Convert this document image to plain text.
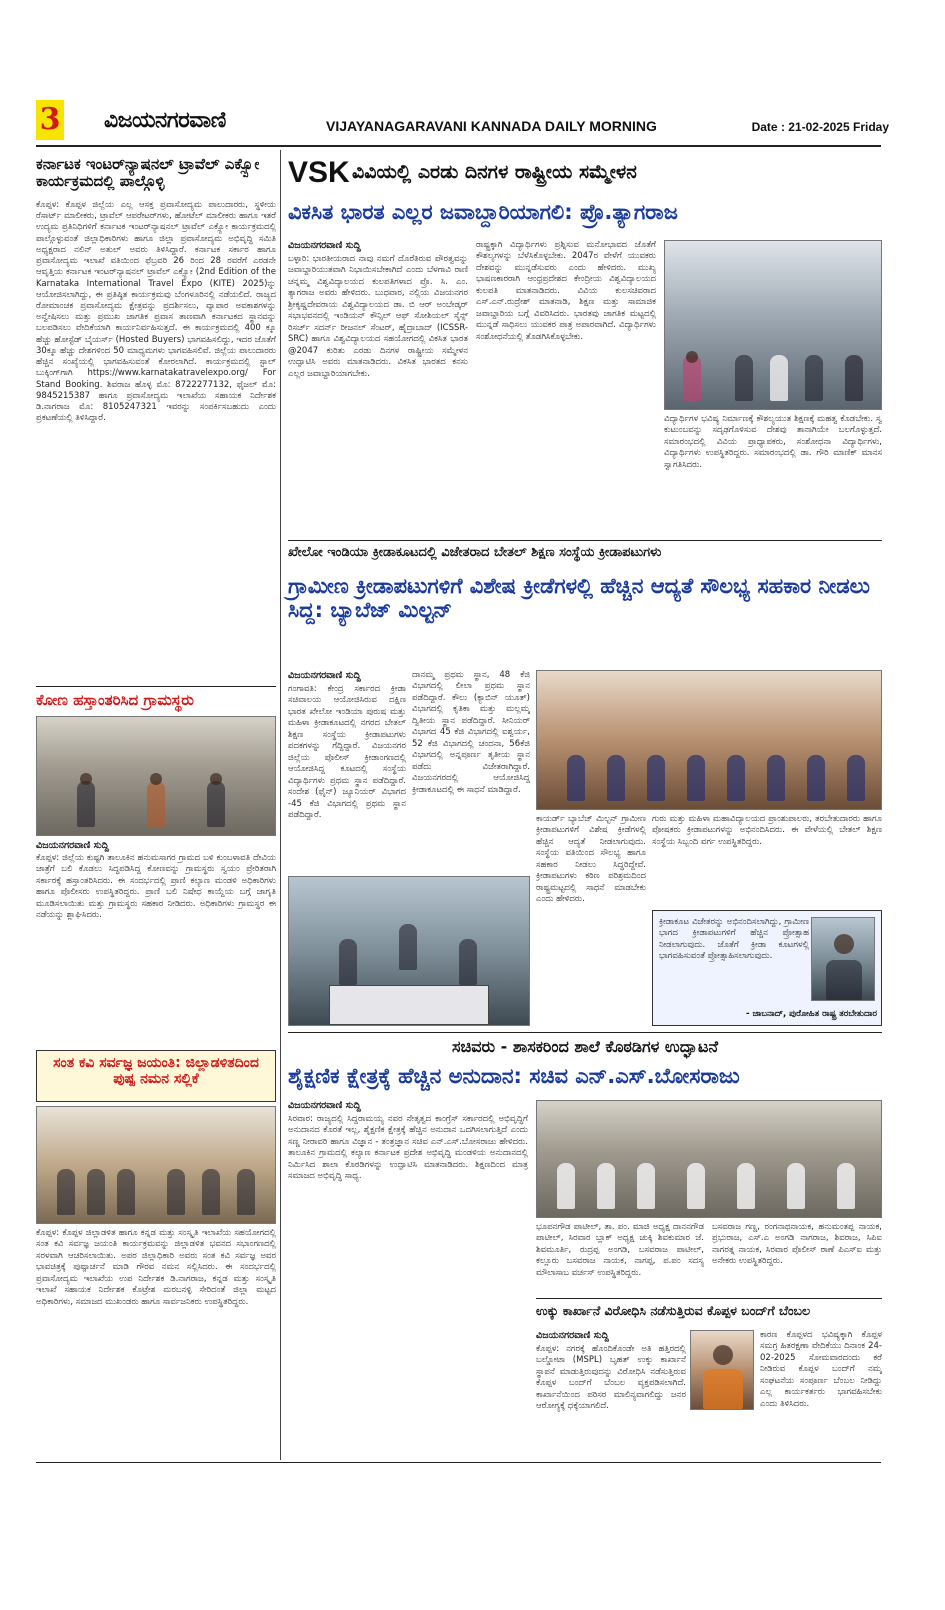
3 ವಿಜಯನಗರವಾಣಿ	VIJAYANAGARAVANI KANNADA DAILY MORNING	Date : 21-02-2025 Friday
ಕರ್ನಾಟಕ ಇಂಟರ್‌ನ್ಯಾಷನಲ್ ಟ್ರಾವೆಲ್ ಎಕ್ಸ್ಪೋ ಕಾರ್ಯಕ್ರಮದಲ್ಲಿ ಪಾಲ್ಗೊಳ್ಳಿ
ಕೊಪ್ಪಳ: ಕೊಪ್ಪಳ ಜಿಲ್ಲೆಯ ಎಲ್ಲ ಆಸಕ್ತ ಪ್ರವಾಸೋದ್ಯಮ ಪಾಲುದಾರರು, ಸ್ಥಳೀಯ ರೆಸಾರ್ಟ್ ಮಾಲೀಕರು, ಟ್ರಾವೆಲ್ ಆಪರೇಟರ್‌ಗಳು, ಹೋಟೆಲ್ ಮಾಲೀಕರು ಹಾಗೂ ಇತರೆ ಉದ್ಯಮ ಪ್ರತಿನಿಧಿಗಳಿಗೆ ಕರ್ನಾಟಕ ಇಂಟರ್‌ನ್ಯಾಷನಲ್ ಟ್ರಾವೆಲ್ ಎಕ್ಸ್ಪೋ ಕಾರ್ಯಕ್ರಮದಲ್ಲಿ ಪಾಲ್ಗೊಳ್ಳುವಂತೆ ಜಿಲ್ಲಾಧಿಕಾರಿಗಳು ಹಾಗೂ ಜಿಲ್ಲಾ ಪ್ರವಾಸೋದ್ಯಮ ಅಭಿವೃದ್ಧಿ ಸಮಿತಿ ಅಧ್ಯಕ್ಷರಾದ ನಲಿನ್ ಅತುಲ್ ಅವರು ತಿಳಿಸಿದ್ದಾರೆ. ಕರ್ನಾಟಕ ಸರ್ಕಾರ ಹಾಗೂ ಪ್ರವಾಸೋದ್ಯಮ ಇಲಾಖೆ ವತಿಯಿಂದ ಫೆಬ್ರವರಿ 26 ರಿಂದ 28 ರವರೆಗೆ ಎರಡನೇ ಆವೃತ್ತಿಯ ಕರ್ನಾಟಕ ಇಂಟರ್‌ನ್ಯಾಷನಲ್ ಟ್ರಾವೆಲ್ ಎಕ್ಸ್ಪೋ (2nd Edition of the Karnataka International Travel Expo (KITE) 2025)ನ್ನು ಆಯೋಜಿಸಲಾಗಿದ್ದು, ಈ ಪ್ರತಿಷ್ಠಿತ ಕಾರ್ಯಕ್ರಮವು ಬೆಂಗಳೂರಿನಲ್ಲಿ ನಡೆಯಲಿದೆ. ರಾಜ್ಯದ ರೋಮಾಂಚಕ ಪ್ರವಾಸೋದ್ಯಮ ಕ್ಷೇತ್ರವನ್ನು ಪ್ರದರ್ಶಿಸಲು, ವ್ಯಾಪಾರ ಅವಕಾಶಗಳನ್ನು ಅನ್ವೇಷಿಸಲು ಮತ್ತು ಪ್ರಮುಖ ಜಾಗತಿಕ ಪ್ರವಾಸ ತಾಣವಾಗಿ ಕರ್ನಾಟಕದ ಸ್ಥಾನವನ್ನು ಬಲಪಡಿಸಲು ವೇದಿಕೆಯಾಗಿ ಕಾರ್ಯನಿರ್ವಹಿಸುತ್ತದೆ. ಈ ಕಾರ್ಯಕ್ರಮದಲ್ಲಿ 400 ಕ್ಕೂ ಹೆಚ್ಚು ಹೋಸ್ಟೆಡ್ ಬೈಯರ್ಸ್ (Hosted Buyers) ಭಾಗವಹಿಸಲಿದ್ದು, ಇದರ ಜೊತೆಗೆ 30ಕ್ಕೂ ಹೆಚ್ಚು ದೇಶಗಳಿಂದ 50 ಮಾಧ್ಯಮಗಳು ಭಾಗವಹಿಸಲಿವೆ. ಜಿಲ್ಲೆಯ ಪಾಲುದಾರರು ಹೆಚ್ಚಿನ ಸಂಖ್ಯೆಯಲ್ಲಿ ಭಾಗವಹಿಸುವಂತೆ ಕೋರಲಾಗಿದೆ. ಕಾರ್ಯಕ್ರಮದಲ್ಲಿ ಸ್ಟಾಲ್ ಬುಕ್ಕಿಂಗ್‌ಗಾಗಿ https://www.karnatakatravelexpo.org/ For Stand Booking. ಶಿವರಾಜ ಹೊಳ್ಳ ಮೊ: 8722277132, ಫೈಜಲ್ ಮೊ: 9845215387 ಹಾಗೂ ಪ್ರವಾಸೋದ್ಯಮ ಇಲಾಖೆಯ ಸಹಾಯಕ ನಿರ್ದೇಶಕ ಡಿ.ನಾಗರಾಜ ಮೊ: 8105247321 ಇವರನ್ನು ಸಂಪರ್ಕಿಸಬಹುದು ಎಂದು ಪ್ರಕಟಣೆಯಲ್ಲಿ ತಿಳಿಸಿದ್ದಾರೆ.
ಕೋಣ ಹಸ್ತಾಂತರಿಸಿದ ಗ್ರಾಮಸ್ಥರು
ವಿಜಯನಗರವಾಣಿ ಸುದ್ದಿ
ಕೊಪ್ಪಳ: ಜಿಲ್ಲೆಯ ಕುಷ್ಟಗಿ ತಾಲೂಕಿನ ಹನುಮಸಾಗರ ಗ್ರಾಮದ ಬಳಿ ಕುಂಬಳಾವತಿ ದೇವಿಯ ಜಾತ್ರೆಗೆ ಬಲಿ ಕೊಡಲು ಸಿದ್ಧಪಡಿಸಿದ್ದ ಕೋಣವನ್ನು ಗ್ರಾಮಸ್ಥರು ಸ್ವಯಂ ಪ್ರೇರಿತರಾಗಿ ಸರ್ಕಾರಕ್ಕೆ ಹಸ್ತಾಂತರಿಸಿದರು. ಈ ಸಂದರ್ಭದಲ್ಲಿ ಪ್ರಾಣಿ ಕಲ್ಯಾಣ ಮಂಡಳಿ ಅಧಿಕಾರಿಗಳು ಹಾಗೂ ಪೊಲೀಸರು ಉಪಸ್ಥಿತರಿದ್ದರು. ಪ್ರಾಣಿ ಬಲಿ ನಿಷೇಧ ಕಾಯ್ದೆಯ ಬಗ್ಗೆ ಜಾಗೃತಿ ಮೂಡಿಸಲಾಯಿತು ಮತ್ತು ಗ್ರಾಮಸ್ಥರು ಸಹಕಾರ ನೀಡಿದರು. ಅಧಿಕಾರಿಗಳು ಗ್ರಾಮಸ್ಥರ ಈ ನಡೆಯನ್ನು ಶ್ಲಾಘಿಸಿದರು.
ಸಂತ ಕವಿ ಸರ್ವಜ್ಞ ಜಯಂತಿ: ಜಿಲ್ಲಾಡಳಿತದಿಂದ ಪುಷ್ಪ ನಮನ ಸಲ್ಲಿಕೆ
ಕೊಪ್ಪಳ: ಕೊಪ್ಪಳ ಜಿಲ್ಲಾಡಳಿತ ಹಾಗೂ ಕನ್ನಡ ಮತ್ತು ಸಂಸ್ಕೃತಿ ಇಲಾಖೆಯ ಸಹಯೋಗದಲ್ಲಿ ಸಂತ ಕವಿ ಸರ್ವಜ್ಞ ಜಯಂತಿ ಕಾರ್ಯಕ್ರಮವನ್ನು ಜಿಲ್ಲಾಡಳಿತ ಭವನದ ಸಭಾಂಗಣದಲ್ಲಿ ಸರಳವಾಗಿ ಆಚರಿಸಲಾಯಿತು. ಅಪರ ಜಿಲ್ಲಾಧಿಕಾರಿ ಅವರು ಸಂತ ಕವಿ ಸರ್ವಜ್ಞ ಅವರ ಭಾವಚಿತ್ರಕ್ಕೆ ಪುಷ್ಪಾರ್ಚನೆ ಮಾಡಿ ಗೌರವ ನಮನ ಸಲ್ಲಿಸಿದರು. ಈ ಸಂದರ್ಭದಲ್ಲಿ ಪ್ರವಾಸೋದ್ಯಮ ಇಲಾಖೆಯ ಉಪ ನಿರ್ದೇಶಕ ಡಿ.ನಾಗರಾಜ, ಕನ್ನಡ ಮತ್ತು ಸಂಸ್ಕೃತಿ ಇಲಾಖೆ ಸಹಾಯಕ ನಿರ್ದೇಶಕ ಕೊಟ್ರೇಶ ಮರಬನಳ್ಳಿ ಸೇರಿದಂತೆ ಜಿಲ್ಲಾ ಮಟ್ಟದ ಅಧಿಕಾರಿಗಳು, ಸಮಾಜದ ಮುಖಂಡರು ಹಾಗೂ ಸಾರ್ವಜನಿಕರು ಉಪಸ್ಥಿತರಿದ್ದರು.
VSK ವಿವಿಯಲ್ಲಿ ಎರಡು ದಿನಗಳ ರಾಷ್ಟ್ರೀಯ ಸಮ್ಮೇಳನ
ವಿಕಸಿತ ಭಾರತ ಎಲ್ಲರ ಜವಾಬ್ದಾರಿಯಾಗಲಿ: ಪ್ರೊ.ತ್ಯಾಗರಾಜ
ವಿಜಯನಗರವಾಣಿ ಸುದ್ದಿ
ಬಳ್ಳಾರಿ: ಭಾರತೀಯರಾದ ನಾವು ನಮಗೆ ದೊರೆತಿರುವ ಪೌರತ್ವವನ್ನು ಜವಾಬ್ದಾರಿಯುತವಾಗಿ ನಿಭಾಯಿಸಬೇಕಾಗಿದೆ ಎಂದು ಬೆಳಗಾವಿ ರಾಣಿ ಚನ್ನಮ್ಮ ವಿಶ್ವವಿದ್ಯಾಲಯದ ಕುಲಪತಿಗಳಾದ ಪ್ರೊ. ಸಿ. ಎಂ. ತ್ಯಾಗರಾಜ ಅವರು ಹೇಳಿದರು. ಬುಧವಾರ, ನಲ್ಲಿಯ ವಿಜಯನಗರ ಶ್ರೀಕೃಷ್ಣದೇವರಾಯ ವಿಶ್ವವಿದ್ಯಾಲಯದ ಡಾ. ಬಿ ಆರ್ ಅಂಬೇಡ್ಕರ್ ಸಭಾಭವನದಲ್ಲಿ ಇಂಡಿಯನ್ ಕೌನ್ಸಿಲ್ ಆಫ್ ಸೋಶಿಯಲ್ ಸೈನ್ಸ್ ರಿಸರ್ಚ್ ಸದರ್ನ್ ರೀಜನಲ್ ಸೆಂಟರ್, ಹೈದ್ರಾಬಾದ್ (ICSSR-SRC) ಹಾಗೂ ವಿಶ್ವವಿದ್ಯಾಲಯದ ಸಹಯೋಗದಲ್ಲಿ ವಿಕಸಿತ ಭಾರತ @2047 ಕುರಿತು ಎರಡು ದಿನಗಳ ರಾಷ್ಟ್ರೀಯ ಸಮ್ಮೇಳನ ಉದ್ಘಾಟಿಸಿ ಅವರು ಮಾತನಾಡಿದರು. ವಿಕಸಿತ ಭಾರತದ ಕನಸು ಎಲ್ಲರ ಜವಾಬ್ದಾರಿಯಾಗಬೇಕು.
ರಾಷ್ಟ್ರಕ್ಕಾಗಿ ವಿದ್ಯಾರ್ಥಿಗಳು ಪ್ರಶ್ನಿಸುವ ಮನೋಭಾವದ ಜೊತೆಗೆ ಕೌಶಲ್ಯಗಳನ್ನು ಬೆಳೆಸಿಕೊಳ್ಳಬೇಕು. 2047ರ ವೇಳೆಗೆ ಯುವಕರು ದೇಶವನ್ನು ಮುನ್ನಡೆಸುವರು ಎಂದು ಹೇಳಿದರು. ಮುಖ್ಯ ಭಾಷಣಕಾರರಾಗಿ ಆಂಧ್ರಪ್ರದೇಶದ ಕೇಂದ್ರೀಯ ವಿಶ್ವವಿದ್ಯಾಲಯದ ಕುಲಪತಿ ಮಾತನಾಡಿದರು. ವಿವಿಯ ಕುಲಸಚಿವರಾದ ಎಸ್.ಎನ್.ರುದ್ರೇಶ್ ಮಾತನಾಡಿ, ಶಿಕ್ಷಣ ಮತ್ತು ಸಾಮಾಜಿಕ ಜವಾಬ್ದಾರಿಯ ಬಗ್ಗೆ ವಿವರಿಸಿದರು. ಭಾರತವು ಜಾಗತಿಕ ಮಟ್ಟದಲ್ಲಿ ಮುನ್ನಡೆ ಸಾಧಿಸಲು ಯುವಕರ ಪಾತ್ರ ಅಪಾರವಾಗಿದೆ. ವಿದ್ಯಾರ್ಥಿಗಳು ಸಂಶೋಧನೆಯಲ್ಲಿ ತೊಡಗಿಸಿಕೊಳ್ಳಬೇಕು.
ವಿದ್ಯಾರ್ಥಿಗಳ ಭವಿಷ್ಯ ನಿರ್ಮಾಣಕ್ಕೆ ಕೌಶಲ್ಯಯುತ ಶಿಕ್ಷಣಕ್ಕೆ ಮಹತ್ವ ಕೊಡಬೇಕು. ಸ್ವ ಕುಟುಂಬವನ್ನು ಸದೃಢಗೊಳಿಸುವ ದೇಶವು ತಾನಾಗಿಯೇ ಬಲಗೊಳ್ಳುತ್ತದೆ. ಸಮಾರಂಭದಲ್ಲಿ ವಿವಿಯ ಪ್ರಾಧ್ಯಾಪಕರು, ಸಂಶೋಧನಾ ವಿದ್ಯಾರ್ಥಿಗಳು, ವಿದ್ಯಾರ್ಥಿಗಳು ಉಪಸ್ಥಿತರಿದ್ದರು. ಸಮಾರಂಭದಲ್ಲಿ ಡಾ. ಗೌರಿ ಮಾಣಿಕ್ ಮಾನಸ ಸ್ವಾಗತಿಸಿದರು.
ಖೇಲೋ ಇಂಡಿಯಾ ಕ್ರೀಡಾಕೂಟದಲ್ಲಿ ವಿಜೇತರಾದ ಬೇತಲ್ ಶಿಕ್ಷಣ ಸಂಸ್ಥೆಯ ಕ್ರೀಡಾಪಟುಗಳು
ಗ್ರಾಮೀಣ ಕ್ರೀಡಾಪಟುಗಳಿಗೆ ವಿಶೇಷ ಕ್ರೀಡೆಗಳಲ್ಲಿ ಹೆಚ್ಚಿನ ಆದ್ಯತೆ ಸೌಲಭ್ಯ ಸಹಕಾರ ನೀಡಲು ಸಿದ್ದ: ಬ್ಯಾಬೆಜ್ ಮಿಲ್ಟನ್
ವಿಜಯನಗರವಾಣಿ ಸುದ್ದಿ
ಗಂಗಾವತಿ: ಕೇಂದ್ರ ಸರ್ಕಾರದ ಕ್ರೀಡಾ ಸಚಿವಾಲಯ ಆಯೋಜಿಸಿರುವ ದಕ್ಷಿಣ ಭಾರತ ಖೇಲೋ ಇಂಡಿಯಾ ಪುರುಷ ಮತ್ತು ಮಹಿಳಾ ಕ್ರೀಡಾಕೂಟದಲ್ಲಿ ನಗರದ ಬೇತಲ್ ಶಿಕ್ಷಣ ಸಂಸ್ಥೆಯ ಕ್ರೀಡಾಪಟುಗಳು ಪದಕಗಳನ್ನು ಗೆದ್ದಿದ್ದಾರೆ. ವಿಜಯನಗರ ಜಿಲ್ಲೆಯ ಪೊಲೀಸ್ ಕ್ರೀಡಾಂಗಣದಲ್ಲಿ ಆಯೋಜಿಸಿದ್ದ ಕೂಟದಲ್ಲಿ ಸಂಸ್ಥೆಯ ವಿದ್ಯಾರ್ಥಿಗಳು ಪ್ರಥಮ ಸ್ಥಾನ ಪಡೆದಿದ್ದಾರೆ. ಸಂದೇಶ (ಫೈನ್) ಜ್ಯೂನಿಯರ್ ವಿಭಾಗದ -45 ಕೆಜಿ ವಿಭಾಗದಲ್ಲಿ ಪ್ರಥಮ ಸ್ಥಾನ ಪಡೆದಿದ್ದಾರೆ.
ದಾನಮ್ಮ ಪ್ರಥಮ ಸ್ಥಾನ, 48 ಕೆಜಿ ವಿಭಾಗದಲ್ಲಿ ಲೀಲಾ ಪ್ರಥಮ ಸ್ಥಾನ ಪಡೆದಿದ್ದಾರೆ. ಕೌಲು (ಕ್ಯಾಬಿನ್ ಯೂತ್) ವಿಭಾಗದಲ್ಲಿ ಕೃತಿಕಾ ಮತ್ತು ಮಲ್ಲಮ್ಮ ದ್ವಿತೀಯ ಸ್ಥಾನ ಪಡೆದಿದ್ದಾರೆ. ಸೀನಿಯರ್ ವಿಭಾಗದ 45 ಕೆಜಿ ವಿಭಾಗದಲ್ಲಿ ಐಶ್ವರ್ಯ, 52 ಕೆಜಿ ವಿಭಾಗದಲ್ಲಿ ಚಂದನಾ, 56ಕೆಜಿ ವಿಭಾಗದಲ್ಲಿ ಅನ್ನಪೂರ್ಣ ತೃತೀಯ ಸ್ಥಾನ ಪಡೆದು ವಿಜೇತರಾಗಿದ್ದಾರೆ. ವಿಜಯನಗರದಲ್ಲಿ ಆಯೋಜಿಸಿದ್ದ ಕ್ರೀಡಾಕೂಟದಲ್ಲಿ ಈ ಸಾಧನೆ ಮಾಡಿದ್ದಾರೆ.
ಕಾಯರ್ಡ್ ಬ್ಯಾಬೆಜ್ ಮಿಲ್ಟನ್ ಗ್ರಾಮೀಣ ಕ್ರೀಡಾಪಟುಗಳಿಗೆ ವಿಶೇಷ ಕ್ರೀಡೆಗಳಲ್ಲಿ ಹೆಚ್ಚಿನ ಆದ್ಯತೆ ನೀಡಲಾಗುವುದು. ಸಂಸ್ಥೆಯ ವತಿಯಿಂದ ಸೌಲಭ್ಯ ಹಾಗೂ ಸಹಕಾರ ನೀಡಲು ಸಿದ್ಧರಿದ್ದೇವೆ. ಕ್ರೀಡಾಪಟುಗಳು ಕಠಿಣ ಪರಿಶ್ರಮದಿಂದ ರಾಷ್ಟ್ರಮಟ್ಟದಲ್ಲಿ ಸಾಧನೆ ಮಾಡಬೇಕು ಎಂದು ಹೇಳಿದರು.
ಗುರು ಮತ್ತು ಮಹಿಳಾ ಮಹಾವಿದ್ಯಾಲಯದ ಪ್ರಾಂಶುಪಾಲರು, ತರಬೇತುದಾರರು ಹಾಗೂ ಪೋಷಕರು ಕ್ರೀಡಾಪಟುಗಳನ್ನು ಅಭಿನಂದಿಸಿದರು. ಈ ವೇಳೆಯಲ್ಲಿ ಬೇತಲ್ ಶಿಕ್ಷಣ ಸಂಸ್ಥೆಯ ಸಿಬ್ಬಂದಿ ವರ್ಗ ಉಪಸ್ಥಿತರಿದ್ದರು.
ಕ್ರೀಡಾಕೂಟ ವಿಜೇತರನ್ನು ಅಭಿನಂದಿಸಲಾಗಿದ್ದು, ಗ್ರಾಮೀಣ ಭಾಗದ ಕ್ರೀಡಾಪಟುಗಳಿಗೆ ಹೆಚ್ಚಿನ ಪ್ರೋತ್ಸಾಹ ನೀಡಲಾಗುವುದು. ಜೊತೆಗೆ ಕ್ರೀಡಾ ಕೂಟಗಳಲ್ಲಿ ಭಾಗವಹಿಸುವಂತೆ ಪ್ರೋತ್ಸಾಹಿಸಲಾಗುವುದು.
- ಜಾಬನಾದ್, ಪುರೋಹಿತ ರಾಷ್ಟ್ರ ತರಬೇತುದಾರ
ಸಚಿವರು - ಶಾಸಕರಿಂದ ಶಾಲೆ ಕೊಠಡಿಗಳ ಉದ್ಘಾಟನೆ
ಶೈಕ್ಷಣಿಕ ಕ್ಷೇತ್ರಕ್ಕೆ ಹೆಚ್ಚಿನ ಅನುದಾನ: ಸಚಿವ ಎನ್.ಎಸ್.ಬೋಸರಾಜು
ವಿಜಯನಗರವಾಣಿ ಸುದ್ದಿ
ಸಿರವಾರ: ರಾಜ್ಯದಲ್ಲಿ ಸಿದ್ದರಾಮಯ್ಯ ನವರ ನೇತೃತ್ವದ ಕಾಂಗ್ರೆಸ್ ಸರ್ಕಾರದಲ್ಲಿ ಅಭಿವೃದ್ಧಿಗೆ ಅನುದಾನದ ಕೊರತೆ ಇಲ್ಲ, ಶೈಕ್ಷಣಿಕ ಕ್ಷೇತ್ರಕ್ಕೆ ಹೆಚ್ಚಿನ ಅನುದಾನ ಒದಗಿಸಲಾಗುತ್ತಿದೆ ಎಂದು ಸಣ್ಣ ನೀರಾವರಿ ಹಾಗೂ ವಿಜ್ಞಾನ - ತಂತ್ರಜ್ಞಾನ ಸಚಿವ ಎನ್.ಎಸ್.ಬೋಸರಾಜು ಹೇಳಿದರು. ತಾಲೂಕಿನ ಗ್ರಾಮದಲ್ಲಿ ಕಲ್ಯಾಣ ಕರ್ನಾಟಕ ಪ್ರದೇಶ ಅಭಿವೃದ್ಧಿ ಮಂಡಳಿಯ ಅನುದಾನದಲ್ಲಿ ನಿರ್ಮಿಸಿದ ಶಾಲಾ ಕೊಠಡಿಗಳನ್ನು ಉದ್ಘಾಟಿಸಿ ಮಾತನಾಡಿದರು. ಶಿಕ್ಷಣದಿಂದ ಮಾತ್ರ ಸಮಾಜದ ಅಭಿವೃದ್ಧಿ ಸಾಧ್ಯ.
ಭೂಪನಗೌಡ ಪಾಟೀಲ್, ತಾ. ಪಂ. ಮಾಜಿ ಅಧ್ಯಕ್ಷ ದಾನನಗೌಡ ಪಾಟೀಲ್, ಸಿರವಾರ ಬ್ಲಾಕ್ ಅಧ್ಯಕ್ಷ ಚುಕ್ಕಿ ಶಿವಕುಮಾರ ಜೆ. ಶಿವಮೂರ್ತಿ, ರುದ್ರಪ್ಪ ಅಂಗಡಿ, ಬಸವರಾಜ ಪಾಟೀಲ್, ಕಲ್ಲೂರು ಬಸವರಾಜ ನಾಯಕ, ನಾಗಪ್ಪ, ಪ.ಪಂ ಸದಸ್ಯ ಮೌಲಾಸಾಬ ವರ್ಚಸ್ ಉಪಸ್ಥಿತರಿದ್ದರು.
ಬಸವರಾಜ ಗಣ್ಣ, ರಂಗನಾಥನಾಯಕ, ಹನುಮಂತಪ್ಪ ನಾಯಕ, ಪ್ರಭುರಾಜ, ಎಸ್.ಎ ಅಂಗಡಿ ನಾಗರಾಜ, ಶಿವರಾಜ, ಸಿಪಿಐ ನಾಗರತ್ನ ನಾಯಕ, ಸಿರವಾರ ಪೊಲೀಸ್ ಠಾಣೆ ಪಿಎಸ್‌ಐ ಮತ್ತು ಅನೇಕರು ಉಪಸ್ಥಿತರಿದ್ದರು.
ಉಕ್ಕು ಕಾರ್ಖಾನೆ ವಿರೋಧಿಸಿ ನಡೆಸುತ್ತಿರುವ ಕೊಪ್ಪಳ ಬಂದ್‌ಗೆ ಬೆಂಬಲ
ವಿಜಯನಗರವಾಣಿ ಸುದ್ದಿ
ಕೊಪ್ಪಳ: ನಗರಕ್ಕೆ ಹೊಂದಿಕೊಂಡೇ ಅತಿ ಹತ್ತಿರದಲ್ಲಿ ಬಲ್ಡೋಟಾ (MSPL) ಬೃಹತ್ ಉಕ್ಕು ಕಾರ್ಖಾನೆ ಸ್ಥಾಪನೆ ಮಾಡುತ್ತಿರುವುದನ್ನು ವಿರೋಧಿಸಿ ನಡೆಸುತ್ತಿರುವ ಕೊಪ್ಪಳ ಬಂದ್‌ಗೆ ಬೆಂಬಲ ವ್ಯಕ್ತಪಡಿಸಲಾಗಿದೆ. ಕಾರ್ಖಾನೆಯಿಂದ ಪರಿಸರ ಮಾಲಿನ್ಯವಾಗಲಿದ್ದು ಜನರ ಆರೋಗ್ಯಕ್ಕೆ ಧಕ್ಕೆಯಾಗಲಿದೆ.
ಕಾರಣ ಕೊಪ್ಪಳದ ಭವಿಷ್ಯಕ್ಕಾಗಿ ಕೊಪ್ಪಳ ಸಮಗ್ರ ಹಿತರಕ್ಷಣಾ ವೇದಿಕೆಯು ದಿನಾಂಕ 24-02-2025 ಸೋಮವಾರದಂದು ಕರೆ ನೀಡಿರುವ ಕೊಪ್ಪಳ ಬಂದ್‌ಗೆ ನಮ್ಮ ಸಂಘಟನೆಯ ಸಂಪೂರ್ಣ ಬೆಂಬಲ ನೀಡಿದ್ದು ಎಲ್ಲ ಕಾರ್ಯಕರ್ತರು ಭಾಗವಹಿಸಬೇಕು ಎಂದು ತಿಳಿಸಿದರು.
